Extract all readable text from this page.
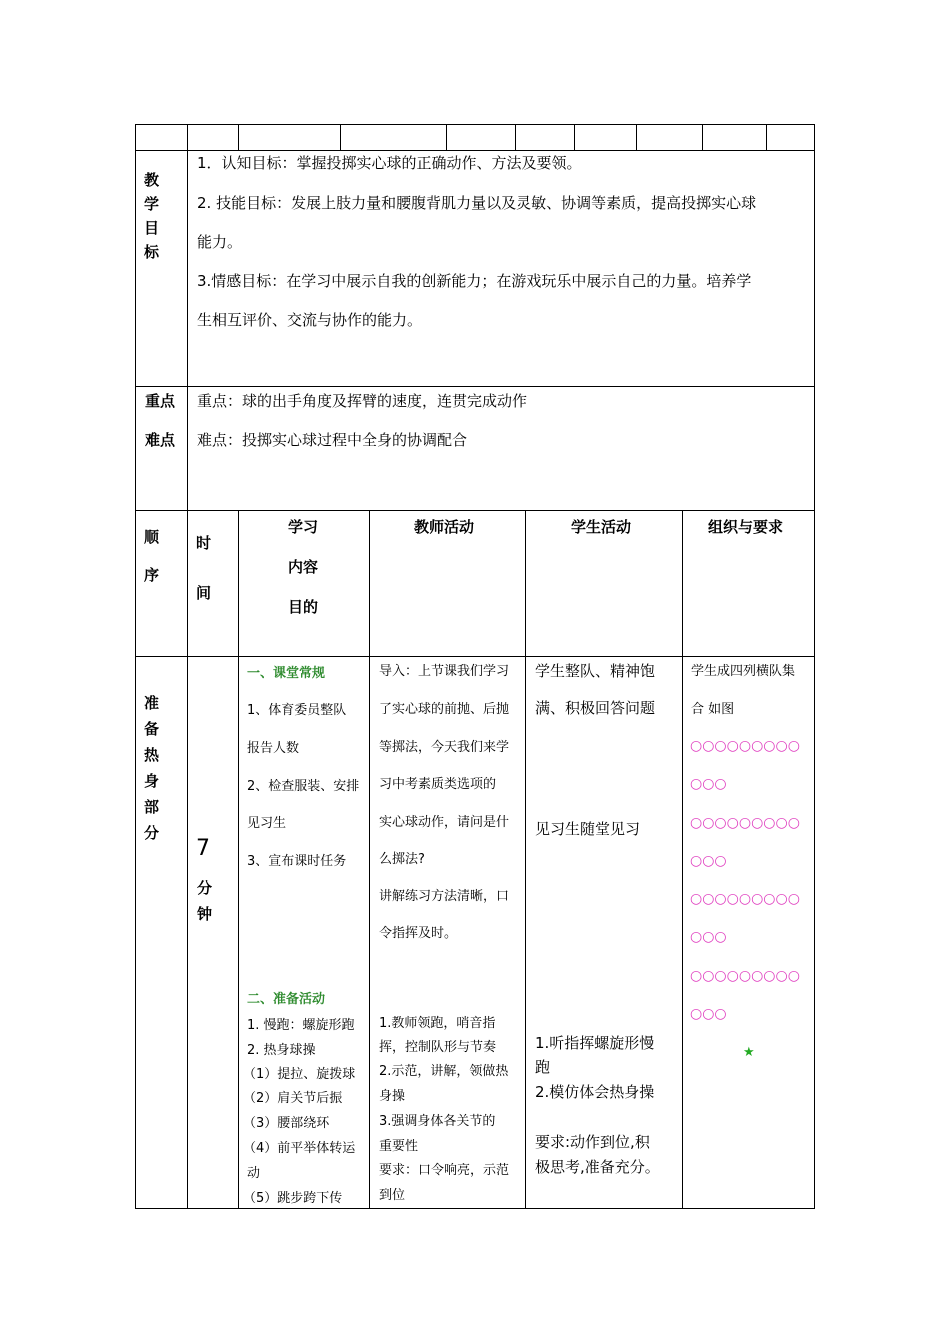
教学目标
1．认知目标：掌握投掷实心球的正确动作、方法及要领。
2. 技能目标：发展上肢力量和腰腹背肌力量以及灵敏、协调等素质，提高投掷实心球
能力。
3.情感目标：在学习中展示自我的创新能力；在游戏玩乐中展示自己的力量。培养学
生相互评价、交流与协作的能力。
重点
难点
重点：球的出手角度及挥臂的速度，连贯完成动作
难点：投掷实心球过程中全身的协调配合
顺序
时间
学习
内容
目的
教师活动	学生活动	组织与要求
准备热身部分
7
分
钟
一、课堂常规
1、体育委员整队
报告人数
2、检查服装、安排
见习生
3、宣布课时任务
二、准备活动
1. 慢跑：螺旋形跑
2. 热身球操
（1）提拉、旋拨球
（2）肩关节后振
（3）腰部绕环
（4）前平举体转运
动
（5）跳步跨下传
导入：上节课我们学习
了实心球的前抛、后抛
等掷法，今天我们来学
习中考素质类选项的
实心球动作，请问是什
么掷法?
讲解练习方法清晰，口
令指挥及时。
1.教师领跑，哨音指
挥，控制队形与节奏
2.示范，讲解，领做热
身操
3.强调身体各关节的
重要性
要求：口令响亮，示范
到位
学生整队、精神饱
满、积极回答问题
见习生随堂见习
1.听指挥螺旋形慢
跑
2.模仿体会热身操
要求:动作到位,积
极思考,准备充分。
学生成四列横队集
合 如图
○○○○○○○○○
○○○
○○○○○○○○○
○○○
○○○○○○○○○
○○○
○○○○○○○○○
○○○
★
